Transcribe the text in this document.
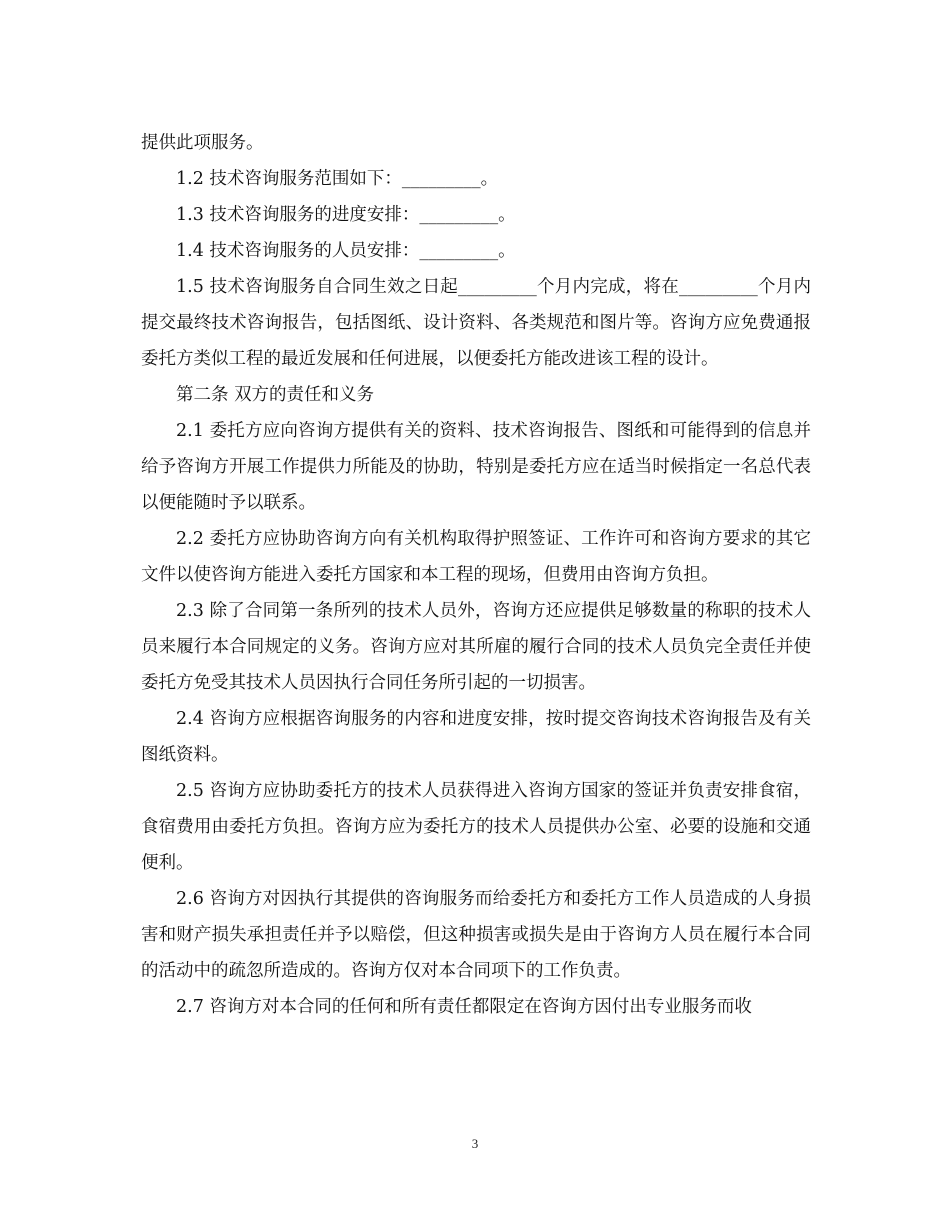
提供此项服务。

1.2 技术咨询服务范围如下：_________。

1.3 技术咨询服务的进度安排：_________。

1.4 技术咨询服务的人员安排：_________。

1.5 技术咨询服务自合同生效之日起_________个月内完成，将在_________个月内提交最终技术咨询报告，包括图纸、设计资料、各类规范和图片等。咨询方应免费通报委托方类似工程的最近发展和任何进展，以便委托方能改进该工程的设计。

第二条 双方的责任和义务

2.1 委托方应向咨询方提供有关的资料、技术咨询报告、图纸和可能得到的信息并给予咨询方开展工作提供力所能及的协助，特别是委托方应在适当时候指定一名总代表以便能随时予以联系。

2.2 委托方应协助咨询方向有关机构取得护照签证、工作许可和咨询方要求的其它文件以使咨询方能进入委托方国家和本工程的现场，但费用由咨询方负担。

2.3 除了合同第一条所列的技术人员外，咨询方还应提供足够数量的称职的技术人员来履行本合同规定的义务。咨询方应对其所雇的履行合同的技术人员负完全责任并使委托方免受其技术人员因执行合同任务所引起的一切损害。

2.4 咨询方应根据咨询服务的内容和进度安排，按时提交咨询技术咨询报告及有关图纸资料。

2.5 咨询方应协助委托方的技术人员获得进入咨询方国家的签证并负责安排食宿，食宿费用由委托方负担。咨询方应为委托方的技术人员提供办公室、必要的设施和交通便利。

2.6 咨询方对因执行其提供的咨询服务而给委托方和委托方工作人员造成的人身损害和财产损失承担责任并予以赔偿，但这种损害或损失是由于咨询方人员在履行本合同的活动中的疏忽所造成的。咨询方仅对本合同项下的工作负责。

2.7 咨询方对本合同的任何和所有责任都限定在咨询方因付出专业服务而收

3
